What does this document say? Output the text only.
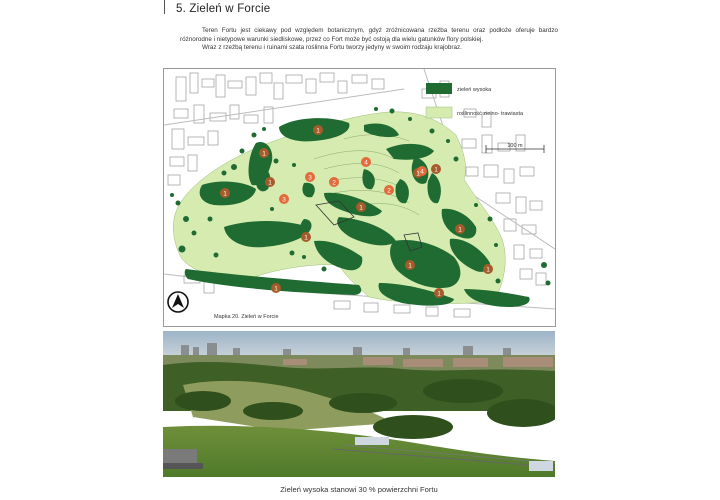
5. Zieleń w Forcie

Teren Fortu jest ciekawy pod względem botanicznym, gdyż zróżnicowana rzeźba terenu oraz podłoże oferuje bardzo różnorodne i nietypowe warunki siedliskowe, przez co Fort może być ostoją dla wielu gatunków flory polskiej.

Wraz z rzeźbą terenu i ruinami szata roślinna Fortu tworzy jedyny w swoim rodzaju krajobraz.

1
1
1
1
1
1
1
1
1
1
1
1
1
2
2
3
3
4
4
zieleń wysoka
roślinność zielno- trawiasta
100 m
Mapka 20. Zieleń w Forcie
Zieleń wysoka stanowi 30 % powierzchni Fortu
